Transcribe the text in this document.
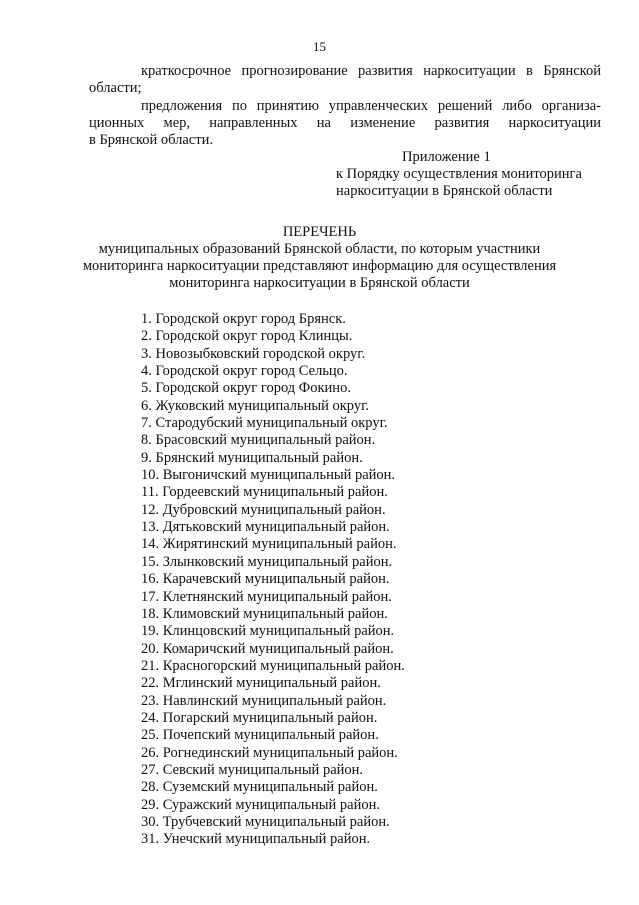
15
краткосрочное прогнозирование развития наркоситуации в Брянской
области;
предложения по принятию управленческих решений либо организа-
ционных мер, направленных на изменение развития наркоситуации
в Брянской области.
Приложение 1
к Порядку осуществления мониторинга
наркоситуации в Брянской области
ПЕРЕЧЕНЬ
муниципальных образований Брянской области, по которым участники
мониторинга наркоситуации представляют информацию для осуществления
мониторинга наркоситуации в Брянской области
1. Городской округ город Брянск.
2. Городской округ город Клинцы.
3. Новозыбковский городской округ.
4. Городской округ город Сельцо.
5. Городской округ город Фокино.
6. Жуковский муниципальный округ.
7. Стародубский муниципальный округ.
8. Брасовский муниципальный район.
9. Брянский муниципальный район.
10. Выгоничский муниципальный район.
11. Гордеевский муниципальный район.
12. Дубровский муниципальный район.
13. Дятьковский муниципальный район.
14. Жирятинский муниципальный район.
15. Злынковский муниципальный район.
16. Карачевский муниципальный район.
17. Клетнянский муниципальный район.
18. Климовский муниципальный район.
19. Клинцовский муниципальный район.
20. Комаричский муниципальный район.
21. Красногорский муниципальный район.
22. Мглинский муниципальный район.
23. Навлинский муниципальный район.
24. Погарский муниципальный район.
25. Почепский муниципальный район.
26. Рогнединский муниципальный район.
27. Севский муниципальный район.
28. Суземский муниципальный район.
29. Суражский муниципальный район.
30. Трубчевский муниципальный район.
31. Унечский муниципальный район.
